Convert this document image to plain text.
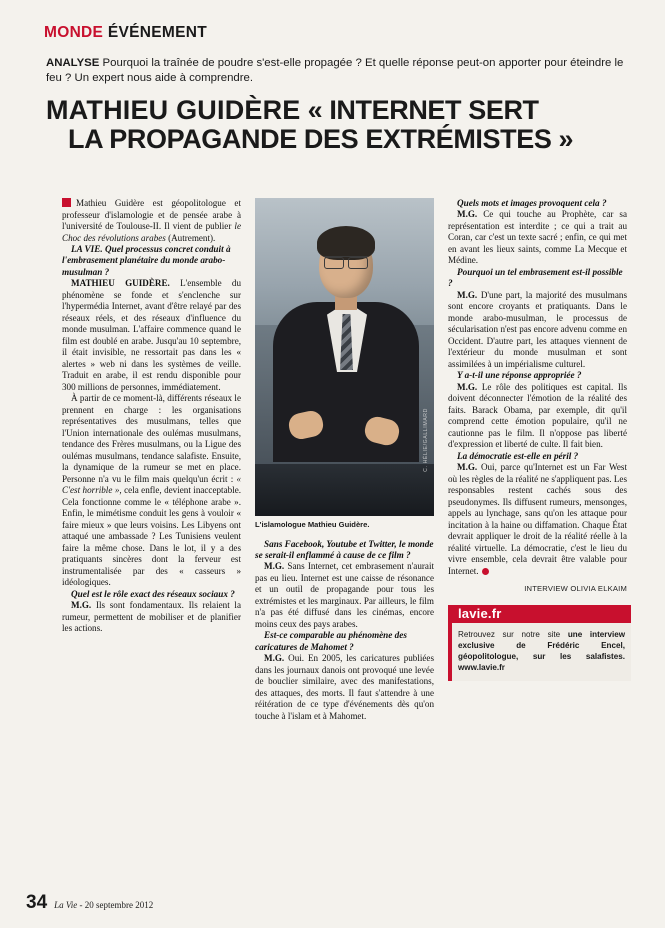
MONDE ÉVÉNEMENT
ANALYSE Pourquoi la traînée de poudre s'est-elle propagée ? Et quelle réponse peut-on apporter pour éteindre le feu ? Un expert nous aide à comprendre.
MATHIEU GUIDÈRE « INTERNET SERT
LA PROPAGANDE DES EXTRÉMISTES »

Mathieu Guidère est géopolitologue et professeur d'islamologie et de pensée arabe à l'université de Toulouse-II. Il vient de publier le Choc des révolutions arabes (Autrement).

LA VIE. Quel processus concret conduit à l'embrasement planétaire du monde arabo-musulman ?

MATHIEU GUIDÈRE. L'ensemble du phénomène se fonde et s'enclenche sur l'hypermédia Internet, avant d'être relayé par des réseaux réels, et des réseaux d'influence du monde musulman. L'affaire commence quand le film est doublé en arabe. Jusqu'au 10 septembre, il était invisible, ne ressortait pas dans les « alertes » web ni dans les systèmes de veille. Traduit en arabe, il est rendu disponible pour 300 millions de personnes, immédiatement.

À partir de ce moment-là, différents réseaux le prennent en charge : les organisations représentatives des musulmans, telles que l'Union internationale des oulémas musulmans, tendance des Frères musulmans, ou la Ligue des oulémas musulmans, tendance salafiste. Ensuite, la dynamique de la rumeur se met en place. Personne n'a vu le film mais quelqu'un écrit : « C'est horrible », cela enfle, devient inacceptable. Cela fonctionne comme le « téléphone arabe ». Enfin, le mimétisme conduit les gens à vouloir « faire mieux » que leurs voisins. Les Libyens ont attaqué une ambassade ? Les Tunisiens veulent faire la même chose. Dans le lot, il y a des pratiquants sincères dont la ferveur est instrumentalisée par des « casseurs » idéologiques.

Quel est le rôle exact des réseaux sociaux ?

M.G. Ils sont fondamentaux. Ils relaient la rumeur, permettent de mobiliser et de planifier les actions.

C. HÉLIE/GALLIMARD
L'islamologue Mathieu Guidère.

Sans Facebook, Youtube et Twitter, le monde se serait-il enflammé à cause de ce film ?

M.G. Sans Internet, cet embrasement n'aurait pas eu lieu. Internet est une caisse de résonance et un outil de propagande pour tous les extrémistes et les marginaux. Par ailleurs, le film n'a pas été diffusé dans les cinémas, encore moins ceux des pays arabes.

Est-ce comparable au phénomène des caricatures de Mahomet ?

M.G. Oui. En 2005, les caricatures publiées dans les journaux danois ont provoqué une levée de bouclier similaire, avec des manifestations, des attaques, des morts. Il faut s'attendre à une réitération de ce type d'événements dès qu'on touche à l'islam et à Mahomet.

Quels mots et images provoquent cela ?

M.G. Ce qui touche au Prophète, car sa représentation est interdite ; ce qui a trait au Coran, car c'est un texte sacré ; enfin, ce qui met en avant les lieux saints, comme La Mecque et Médine.

Pourquoi un tel embrasement est-il possible ?

M.G. D'une part, la majorité des musulmans sont encore croyants et pratiquants. Dans le monde arabo-musulman, le processus de sécularisation n'est pas encore advenu comme en Occident. D'autre part, les attaques viennent de l'extérieur du monde musulman et sont assimilées à un impérialisme culturel.

Y a-t-il une réponse appropriée ?

M.G. Le rôle des politiques est capital. Ils doivent déconnecter l'émotion de la réalité des faits. Barack Obama, par exemple, dit qu'il comprend cette émotion populaire, qu'il ne cautionne pas le film. Il n'oppose pas liberté d'expression et liberté de culte. Il fait bien.

La démocratie est-elle en péril ?

M.G. Oui, parce qu'Internet est un Far West où les règles de la réalité ne s'appliquent pas. Les responsables restent cachés sous des pseudonymes. Ils diffusent rumeurs, mensonges, appels au lynchage, sans qu'on les attaque pour incitation à la haine ou diffamation. Chaque État devrait appliquer le droit de la réalité réelle à la réalité virtuelle. La démocratie, c'est le lieu du vivre ensemble, cela devrait être valable pour Internet.

INTERVIEW OLIVIA ELKAIM
lavie.fr
Retrouvez sur notre site une interview exclusive de Frédéric Encel, géopolitologue, sur les salafistes. www.lavie.fr
34 La Vie - 20 septembre 2012
